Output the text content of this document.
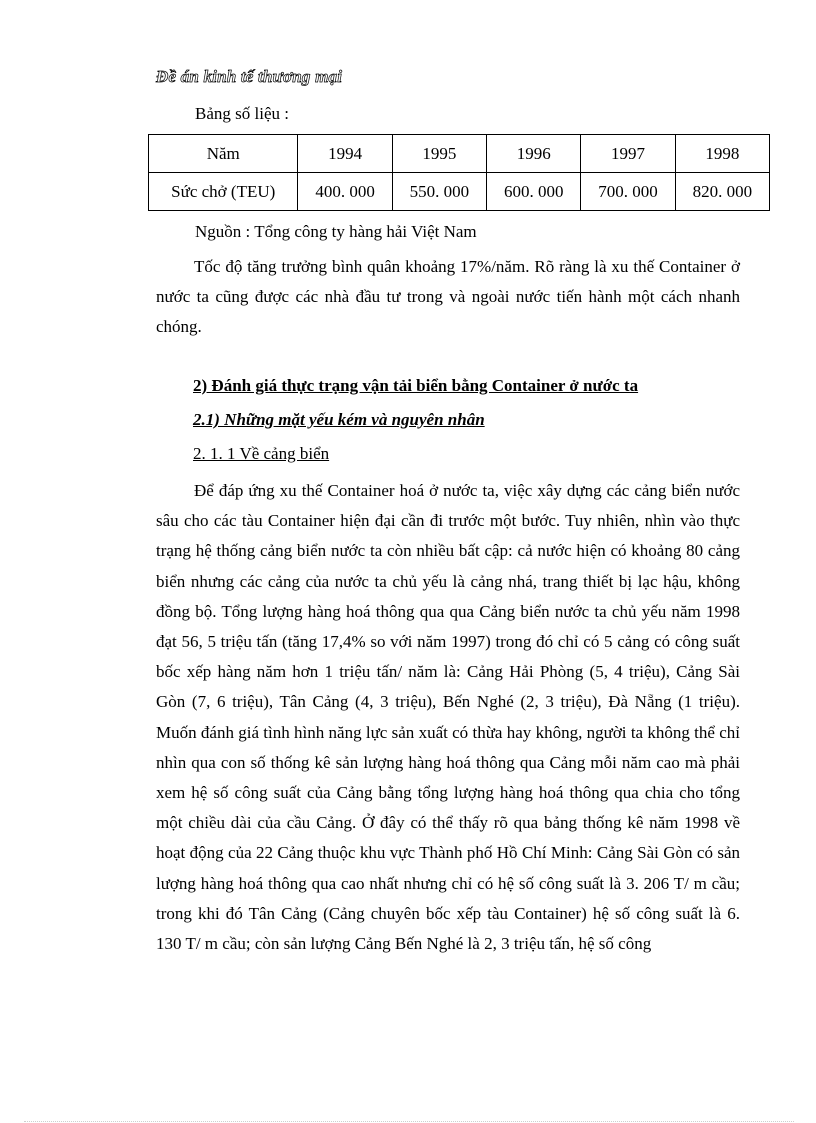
Đề án kinh tế thương mại
Bảng số liệu :
Năm	1994	1995	1996	1997	1998
Sức chở (TEU)	400. 000	550. 000	600. 000	700. 000	820. 000
Nguồn : Tổng công ty hàng hải Việt Nam

Tốc độ tăng trưởng bình quân khoảng 17%/năm. Rõ ràng là xu thế Container ở nước ta cũng được các nhà đầu tư trong và ngoài nước tiến hành một cách nhanh chóng.

2) Đánh giá thực trạng vận tải biển bằng Container ở nước ta
2.1) Những mặt yếu kém và nguyên nhân
2. 1. 1 Về cảng biển

Để đáp ứng xu thế Container hoá ở nước ta, việc xây dựng các cảng biển nước sâu cho các tàu Container hiện đại cần đi trước một bước. Tuy nhiên, nhìn vào thực trạng hệ thống cảng biển nước ta còn nhiều bất cập: cả nước hiện có khoảng 80 cảng biển nhưng các cảng của nước ta chủ yếu là cảng nhá, trang thiết bị lạc hậu, không đồng bộ. Tổng lượng hàng hoá thông qua qua Cảng biển nước ta chủ yếu năm 1998 đạt 56, 5 triệu tấn (tăng 17,4% so với năm 1997) trong đó chỉ có 5 cảng có công suất bốc xếp hàng năm hơn 1 triệu tấn/ năm là: Cảng Hải Phòng (5, 4 triệu), Cảng Sài Gòn (7, 6 triệu), Tân Cảng (4, 3 triệu), Bến Nghé (2, 3 triệu), Đà Nẵng (1 triệu). Muốn đánh giá tình hình năng lực sản xuất có thừa hay không, người ta không thể chỉ nhìn qua con số thống kê sản lượng hàng hoá thông qua Cảng mỗi năm cao mà phải xem hệ số công suất của Cảng bằng tổng lượng hàng hoá thông qua chia cho tổng một chiều dài của cầu Cảng. Ở đây có thể thấy rõ qua bảng thống kê năm 1998 về hoạt động của 22 Cảng thuộc khu vực Thành phố Hồ Chí Minh: Cảng Sài Gòn có sản lượng hàng hoá thông qua cao nhất nhưng chỉ có hệ số công suất là 3. 206 T/ m cầu; trong khi đó Tân Cảng (Cảng chuyên bốc xếp tàu Container) hệ số công suất là 6. 130 T/ m cầu; còn sản lượng Cảng Bến Nghé là 2, 3 triệu tấn, hệ số công
